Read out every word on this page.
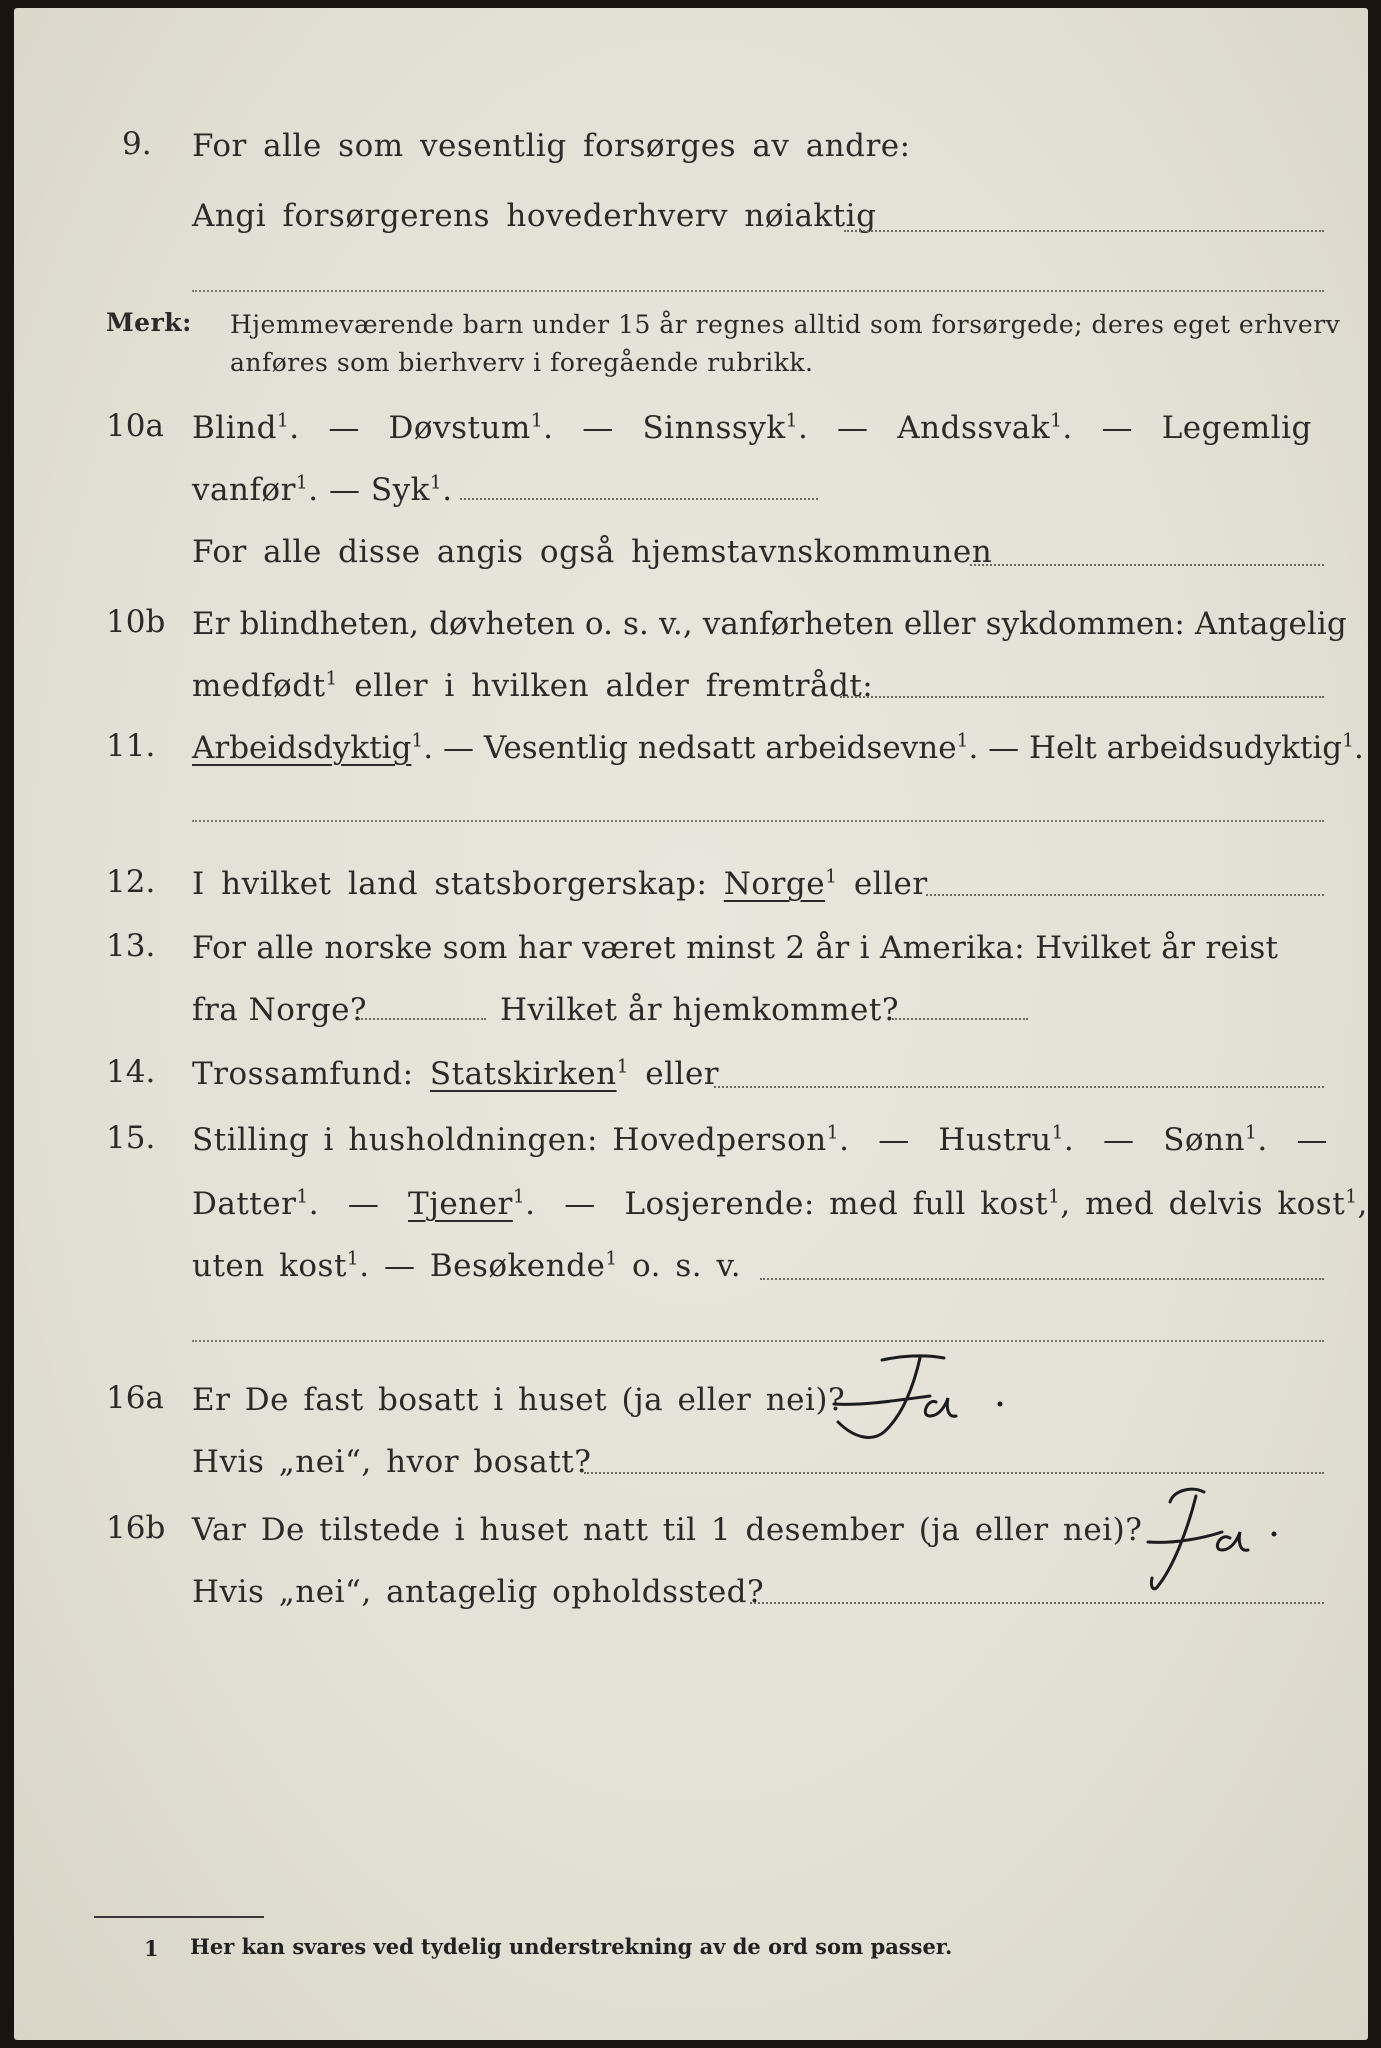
9. For alle som vesentlig forsørges av andre:
Angi forsørgerens hovederhverv nøiaktig
Merk: Hjemmeværende barn under 15 år regnes alltid som forsørgede; deres eget erhverv
anføres som bierhverv i foregående rubrikk.
10a Blind$^1$.  — Døvstum$^1$.  — Sinnssyk$^1$.  — Andssvak$^1$.  — Legemlig
vanfør$^1$. — Syk$^1$.
For alle disse angis også hjemstavnskommunen
10b Er blindheten, døvheten o. s. v., vanførheten eller sykdommen: Antagelig
medfødt$^1$ eller i hvilken alder fremtrådt:
11. Arbeidsdyktig$^1$. — Vesentlig nedsatt arbeidsevne$^1$. — Helt arbeidsudyktig$^1$.
12. I hvilket land statsborgerskap: Norge$^1$ eller
13. For alle norske som har været minst 2 år i Amerika: Hvilket år reist
fra Norge?	Hvilket år hjemkommet?
14. Trossamfund: Statskirken$^1$ eller
15. Stilling i husholdningen: Hovedperson$^1$.  — Hustru$^1$.  — Sønn$^1$.  —
Datter$^1$.  — Tjener$^1$.  — Losjerende: med full kost$^1$, med delvis kost$^1$,
uten kost$^1$. — Besøkende$^1$ o. s. v.
16a Er De fast bosatt i huset (ja eller nei)?
Hvis „nei“, hvor bosatt?
16b Var De tilstede i huset natt til 1 desember (ja eller nei)?
Hvis „nei“, antagelig opholdssted?
1 Her kan svares ved tydelig understrekning av de ord som passer.
